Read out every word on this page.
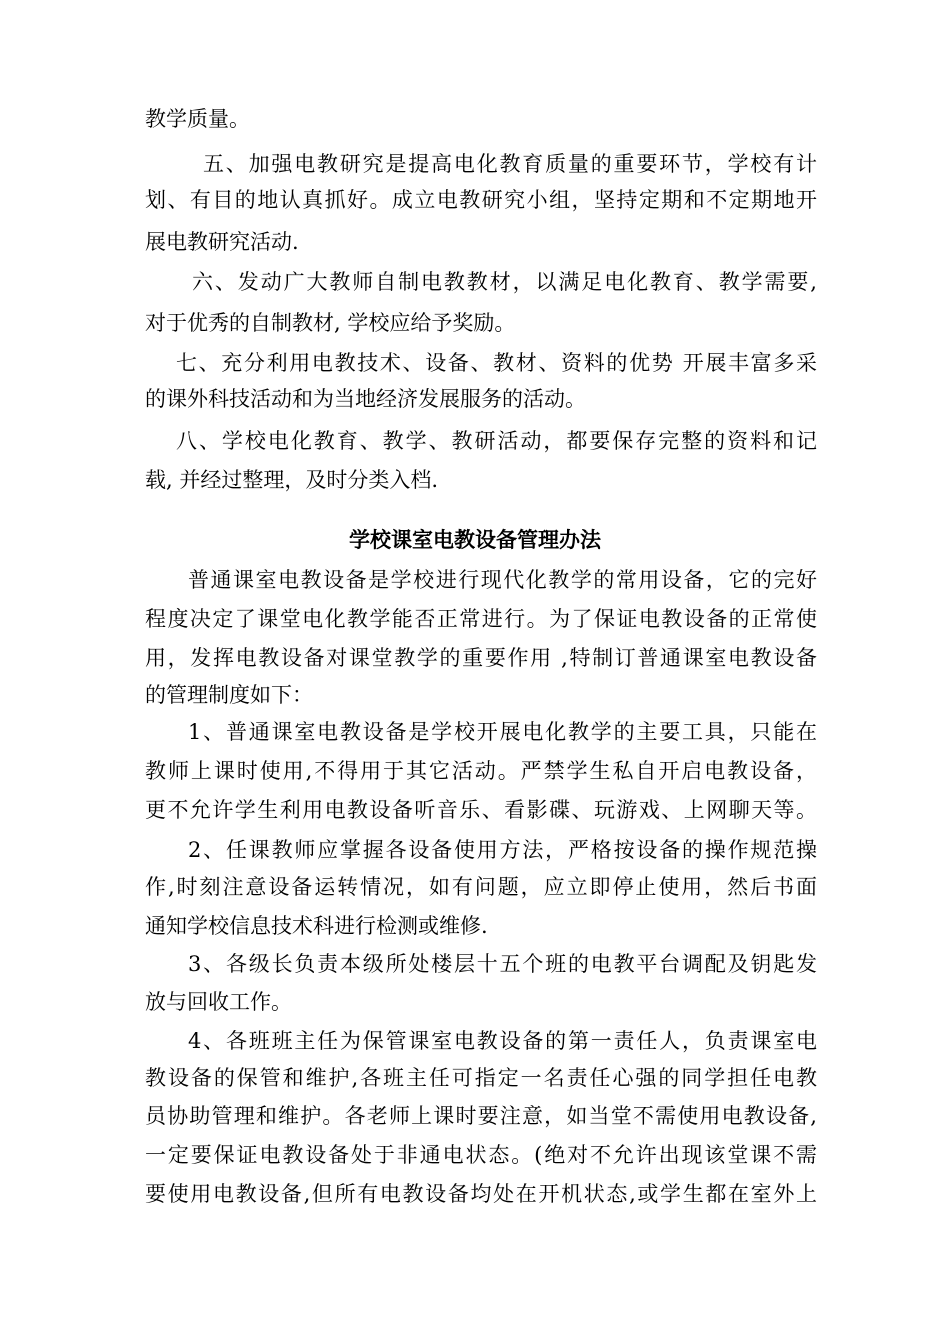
教学质量。
五、加强电教研究是提高电化教育质量的重要环节，学校有计
划、有目的地认真抓好。成立电教研究小组，坚持定期和不定期地开
展电教研究活动.
六、发动广大教师自制电教教材，以满足电化教育、教学需要,
对于优秀的自制教材, 学校应给予奖励。
七、充分利用电教技术、设备、教材、资料的优势 开展丰富多采
的课外科技活动和为当地经济发展服务的活动。
八、学校电化教育、教学、教研活动，都要保存完整的资料和记
载, 并经过整理，及时分类入档.
学校课室电教设备管理办法
普通课室电教设备是学校进行现代化教学的常用设备，它的完好
程度决定了课堂电化教学能否正常进行。为了保证电教设备的正常使
用，发挥电教设备对课堂教学的重要作用 ,特制订普通课室电教设备
的管理制度如下：
1、普通课室电教设备是学校开展电化教学的主要工具，只能在
教师上课时使用,不得用于其它活动。严禁学生私自开启电教设备，
更不允许学生利用电教设备听音乐、看影碟、玩游戏、上网聊天等。
2、任课教师应掌握各设备使用方法，严格按设备的操作规范操
作,时刻注意设备运转情况，如有问题，应立即停止使用，然后书面
通知学校信息技术科进行检测或维修.
3、各级长负责本级所处楼层十五个班的电教平台调配及钥匙发
放与回收工作。
4、各班班主任为保管课室电教设备的第一责任人，负责课室电
教设备的保管和维护,各班主任可指定一名责任心强的同学担任电教
员协助管理和维护。各老师上课时要注意，如当堂不需使用电教设备,
一定要保证电教设备处于非通电状态。(绝对不允许出现该堂课不需
要使用电教设备,但所有电教设备均处在开机状态,或学生都在室外上
